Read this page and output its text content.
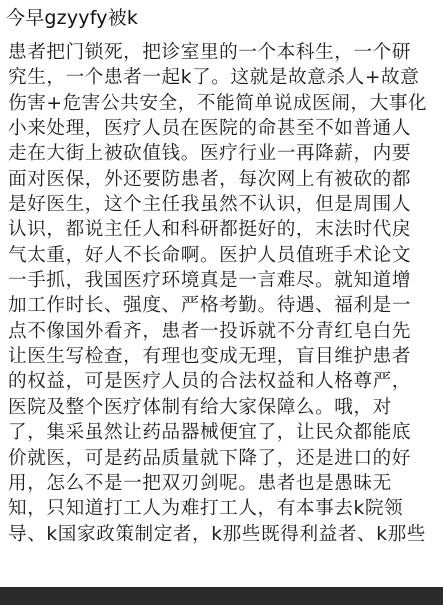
今早gzyyfy被k
患者把门锁死，把诊室里的一个本科生，一个研
究生，一个患者一起k了。这就是故意杀人+故意
伤害+危害公共安全，不能简单说成医闹，大事化
小来处理，医疗人员在医院的命甚至不如普通人
走在大街上被砍值钱。医疗行业一再降薪，内要
面对医保，外还要防患者，每次网上有被砍的都
是好医生，这个主任我虽然不认识，但是周围人
认识，都说主任人和科研都挺好的，末法时代戾
气太重，好人不长命啊。医护人员值班手术论文
一手抓，我国医疗环境真是一言难尽。就知道增
加工作时长、强度、严格考勤。待遇、福利是一
点不像国外看齐，患者一投诉就不分青红皂白先
让医生写检查，有理也变成无理，盲目维护患者
的权益，可是医疗人员的合法权益和人格尊严，
医院及整个医疗体制有给大家保障么。哦，对
了，集采虽然让药品器械便宜了，让民众都能底
价就医，可是药品质量就下降了，还是进口的好
用，怎么不是一把双刃剑呢。患者也是愚昧无
知，只知道打工人为难打工人，有本事去k院领
导、k国家政策制定者，k那些既得利益者、k那些
